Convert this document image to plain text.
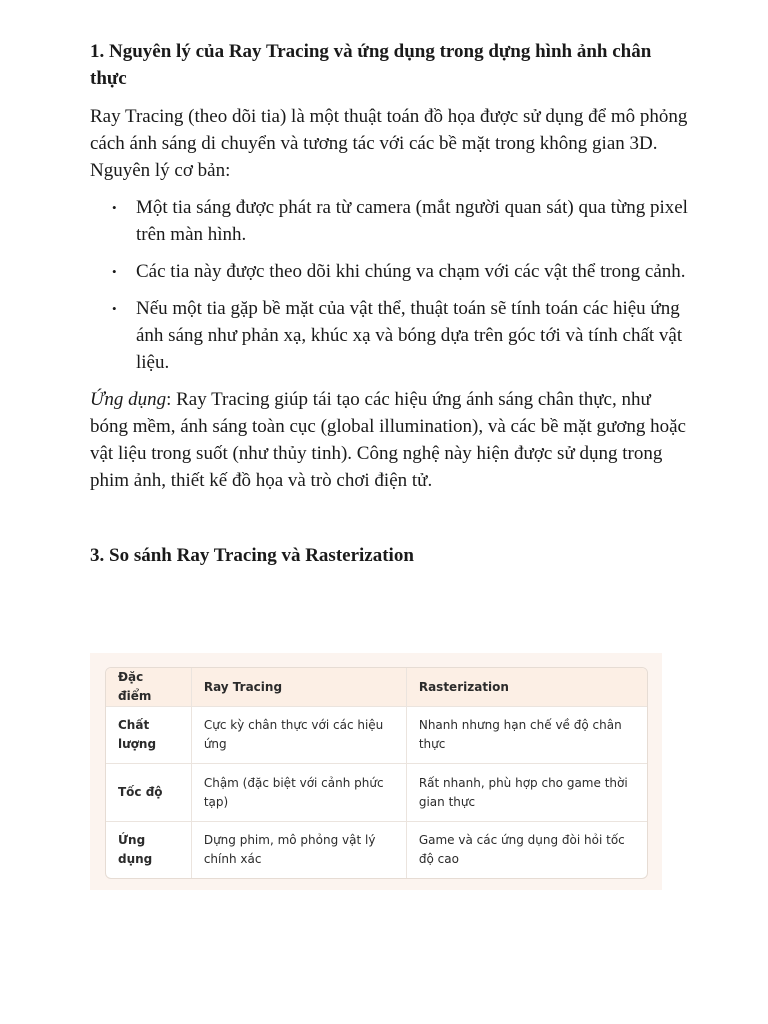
1. Nguyên lý của Ray Tracing và ứng dụng trong dựng hình ảnh chân thực

Ray Tracing (theo dõi tia) là một thuật toán đồ họa được sử dụng để mô phỏng cách ánh sáng di chuyển và tương tác với các bề mặt trong không gian 3D. Nguyên lý cơ bản:

• Một tia sáng được phát ra từ camera (mắt người quan sát) qua từng pixel trên màn hình.
• Các tia này được theo dõi khi chúng va chạm với các vật thể trong cảnh.
• Nếu một tia gặp bề mặt của vật thể, thuật toán sẽ tính toán các hiệu ứng ánh sáng như phản xạ, khúc xạ và bóng dựa trên góc tới và tính chất vật liệu.

Ứng dụng: Ray Tracing giúp tái tạo các hiệu ứng ánh sáng chân thực, như bóng mềm, ánh sáng toàn cục (global illumination), và các bề mặt gương hoặc vật liệu trong suốt (như thủy tinh). Công nghệ này hiện được sử dụng trong phim ảnh, thiết kế đồ họa và trò chơi điện tử.

3. So sánh Ray Tracing và Rasterization
Đặc điểm	Ray Tracing	Rasterization
Chất lượng	Cực kỳ chân thực với các hiệu ứng	Nhanh nhưng hạn chế về độ chân thực
Tốc độ	Chậm (đặc biệt với cảnh phức tạp)	Rất nhanh, phù hợp cho game thời gian thực
Ứng dụng	Dựng phim, mô phỏng vật lý chính xác	Game và các ứng dụng đòi hỏi tốc độ cao
